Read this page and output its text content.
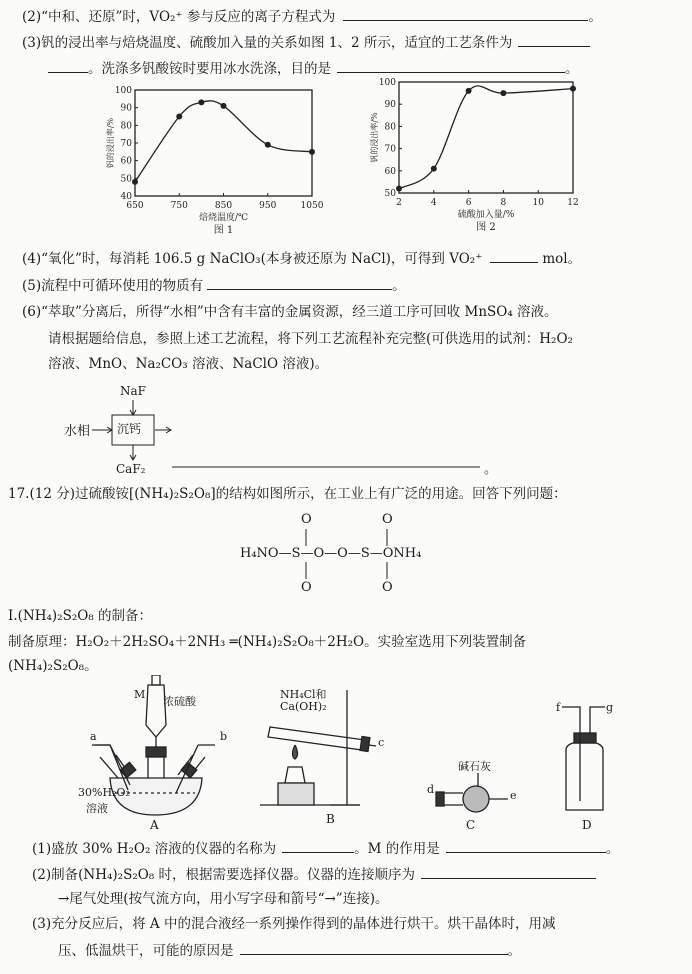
(2)“中和、还原”时，VO₂⁺ 参与反应的离子方程式为	。
(3)钒的浸出率与焙烧温度、硫酸加入量的关系如图 1、2 所示，适宜的工艺条件为
。洗涤多钒酸铵时要用冰水洗涤，目的是	。
650	750	850	950	1050
40
50
60
70
80
90
100
焙烧温度/℃
图 1
钒的浸出率/%
2	4	6	8	10	12
50
60
70
80
90
100
硫酸加入量/%
图 2
钒的浸出率/%
(4)“氧化”时，每消耗 106.5 g NaClO₃(本身被还原为 NaCl)，可得到 VO₂⁺	mol。
(5)流程中可循环使用的物质有	。
(6)“萃取”分离后，所得“水相”中含有丰富的金属资源，经三道工序可回收 MnSO₄ 溶液。
请根据题给信息，参照上述工艺流程，将下列工艺流程补充完整(可供选用的试剂：H₂O₂
溶液、MnO、Na₂CO₃ 溶液、NaClO 溶液)。
NaF
水相 沉钙
CaF₂	。
17.(12 分)过硫酸铵[(NH₄)₂S₂O₈]的结构如图所示，在工业上有广泛的用途。回答下列问题：
O	O
O	O
H₄NO—S—O—O—S—ONH₄
Ⅰ.(NH₄)₂S₂O₈ 的制备：
制备原理：H₂O₂＋2H₂SO₄＋2NH₃ ═(NH₄)₂S₂O₈＋2H₂O。实验室选用下列装置制备
(NH₄)₂S₂O₈。
M
浓硫酸
a	b
30%H₂O₂
溶液
A
NH₄Cl和
Ca(OH)₂
c
B
碱石灰
d	e
C
f	g
D
(1)盛放 30% H₂O₂ 溶液的仪器的名称为	。M 的作用是	。
(2)制备(NH₄)₂S₂O₈ 时，根据需要选择仪器。仪器的连接顺序为
→尾气处理(按气流方向，用小写字母和箭号“→”连接)。
(3)充分反应后，将 A 中的混合液经一系列操作得到的晶体进行烘干。烘干晶体时，用减
压、低温烘干，可能的原因是	。
